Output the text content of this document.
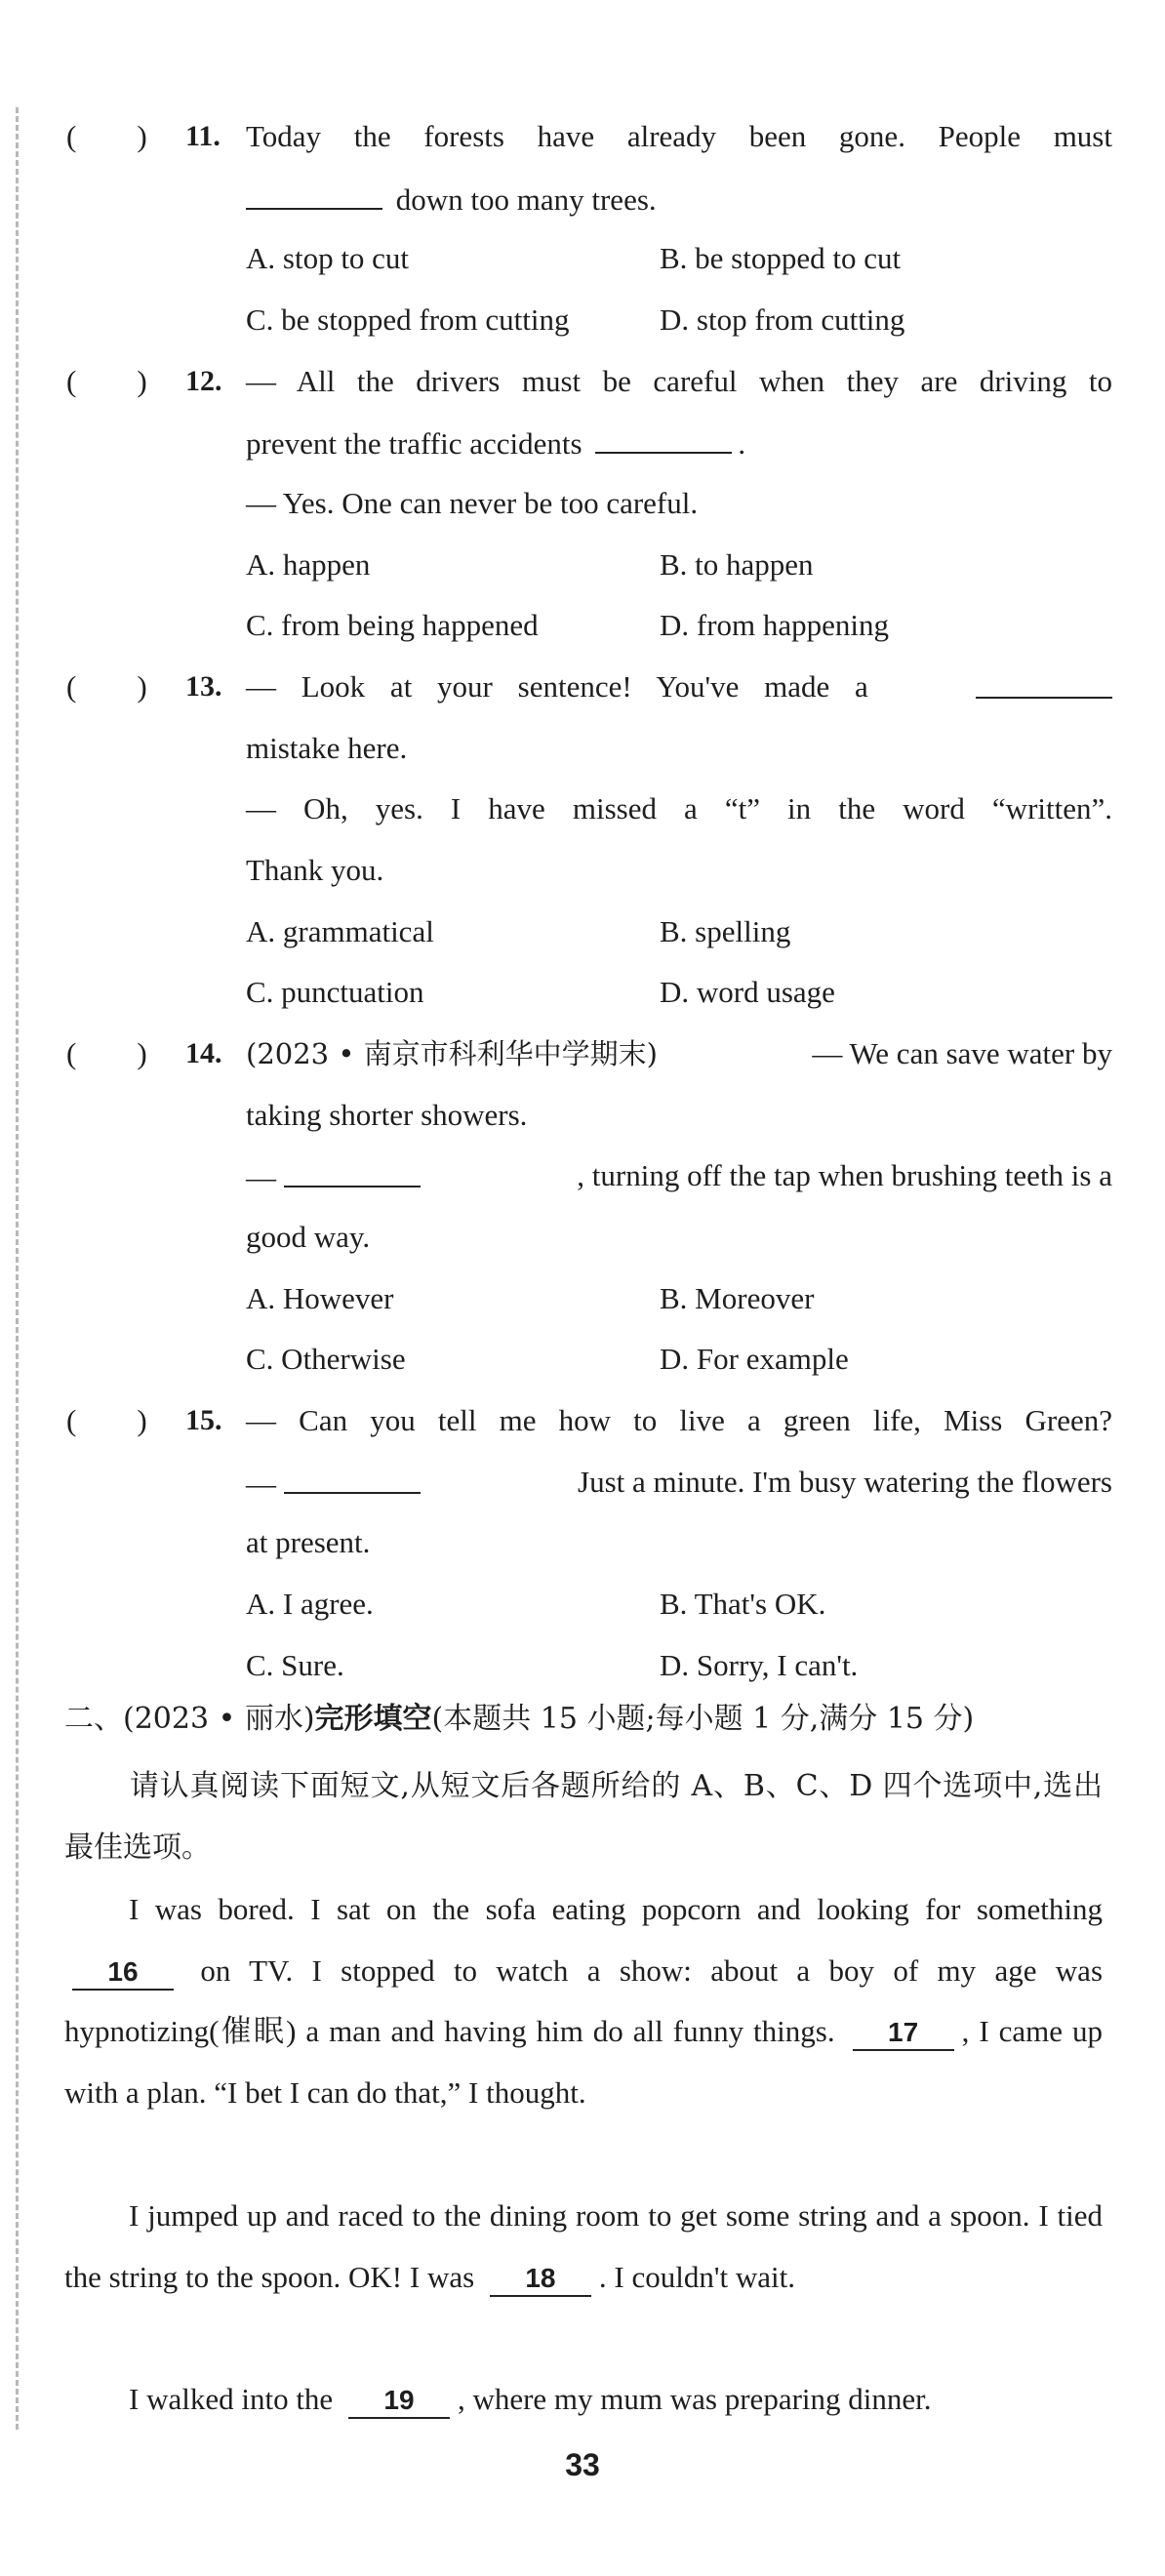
(　　) 11. Today the forests have already been gone. People must
down too many trees.
A. stop to cut	B. be stopped to cut
C. be stopped from cutting	D. stop from cutting
(　　) 12. — All the drivers must be careful when they are driving to
prevent the traffic accidents	.
— Yes. One can never be too careful.
A. happen	B. to happen
C. from being happened	D. from happening
(　　) 13. — Look at your sentence! You've made a
mistake here.
— Oh, yes. I have missed a “t” in the word “written”.
Thank you.
A. grammatical	B. spelling
C. punctuation	D. word usage
(　　) 14. (2023 • 南京市科利华中学期末)	— We can save water by
taking shorter showers.
—	, turning off the tap when brushing teeth is a
good way.
A. However	B. Moreover
C. Otherwise	D. For example
(　　) 15. — Can you tell me how to live a green life, Miss Green?
—	Just a minute. I'm busy watering the flowers
at present.
A. I agree.	B. That's OK.
C. Sure.	D. Sorry, I can't.
二、(2023 • 丽水)完形填空(本题共 15 小题;每小题 1 分,满分 15 分)
请认真阅读下面短文,从短文后各题所给的 A、B、C、D 四个选项中,选出最佳选项。
I was bored. I sat on the sofa eating popcorn and looking for something 16 on TV. I stopped to watch a show: about a boy of my age was hypnotizing(催眠) a man and having him do all funny things. 17 , I came up with a plan. “I bet I can do that,” I thought.
I jumped up and raced to the dining room to get some string and a spoon. I tied the string to the spoon. OK! I was 18 . I couldn't wait.
I walked into the 19 , where my mum was preparing dinner.
33
